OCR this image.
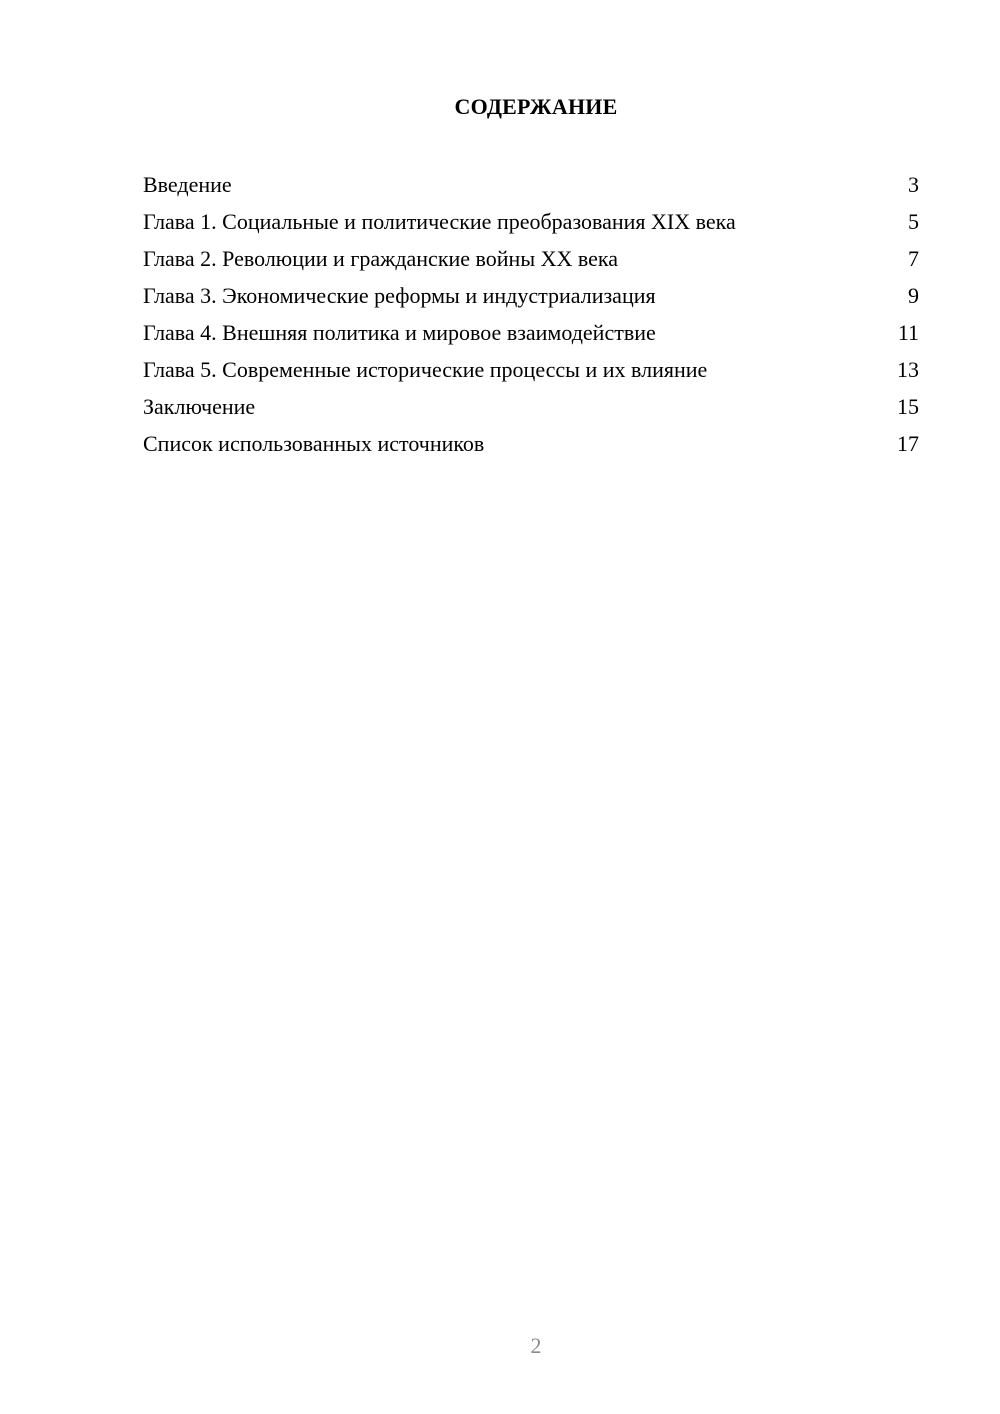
СОДЕРЖАНИЕ
Введение	3
Глава 1. Социальные и политические преобразования XIX века	5
Глава 2. Революции и гражданские войны XX века	7
Глава 3. Экономические реформы и индустриализация	9
Глава 4. Внешняя политика и мировое взаимодействие	11
Глава 5. Современные исторические процессы и их влияние	13
Заключение	15
Список использованных источников	17
2
